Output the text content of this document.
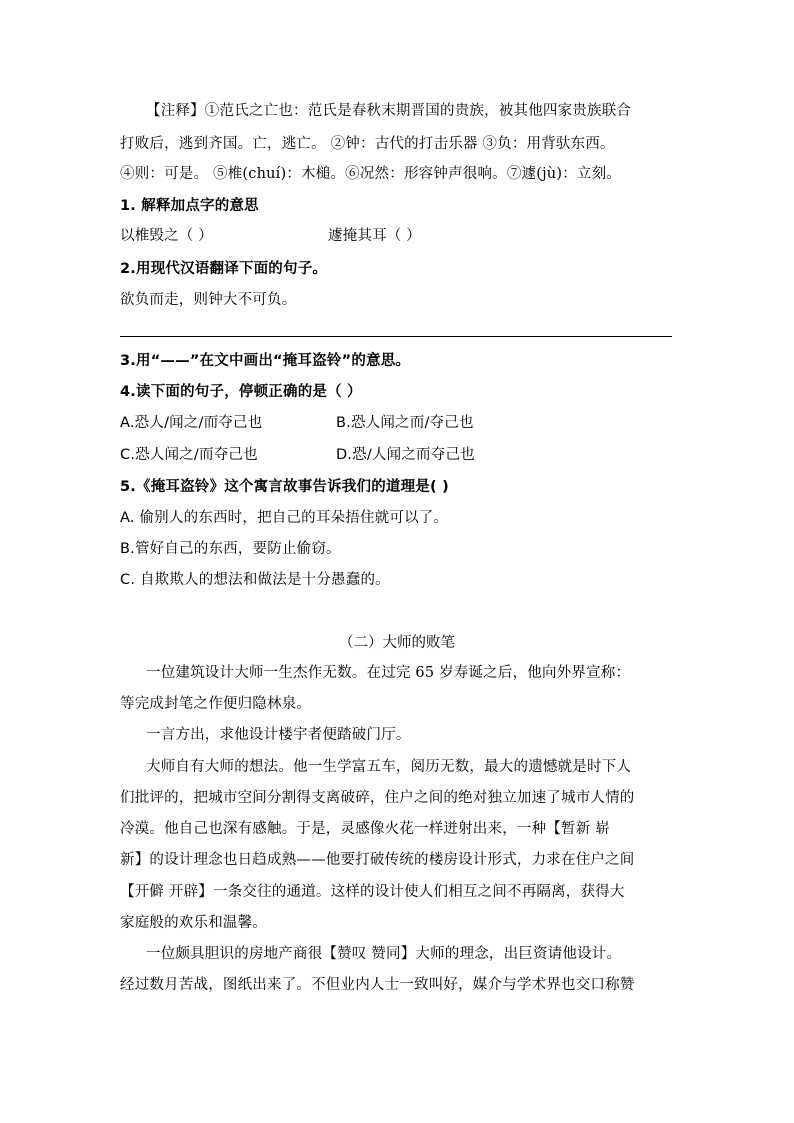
【注释】①范氏之亡也：范氏是春秋末期晋国的贵族，被其他四家贵族联合
打败后，逃到齐国。亡，逃亡。 ②钟：古代的打击乐器 ③负：用背驮东西。
④则：可是。 ⑤椎(chuí)：木槌。⑥况然：形容钟声很响。⑦遽(jù)：立刻。
1. 解释加点字的意思
以椎毁之（ ）	遽掩其耳（ ）
2.用现代汉语翻译下面的句子。
欲负而走，则钟大不可负。
3.用“——”在文中画出“掩耳盗铃”的意思。
4.读下面的句子，停顿正确的是（ ）
A.恐人/闻之/而夺己也	B.恐人闻之而/夺己也
C.恐人闻之/而夺己也	D.恐/人闻之而夺己也
5.《掩耳盗铃》这个寓言故事告诉我们的道理是( )
A. 偷别人的东西时，把自己的耳朵捂住就可以了。
B.管好自己的东西，要防止偷窃。
C. 自欺欺人的想法和做法是十分愚蠢的。
（二）大师的败笔
一位建筑设计大师一生杰作无数。在过完 65 岁寿诞之后，他向外界宣称：
等完成封笔之作便归隐林泉。
一言方出，求他设计楼宇者便踏破门厅。
大师自有大师的想法。他一生学富五车，阅历无数，最大的遗憾就是时下人
们批评的，把城市空间分割得支离破碎，住户之间的绝对独立加速了城市人情的
冷漠。他自己也深有感触。于是，灵感像火花一样迸射出来，一种【暂新 崭
新】的设计理念也日趋成熟——他要打破传统的楼房设计形式，力求在住户之间
【开僻 开辟】一条交往的通道。这样的设计使人们相互之间不再隔离，获得大
家庭般的欢乐和温馨。
一位颇具胆识的房地产商很【赞叹 赞同】大师的理念，出巨资请他设计。
经过数月苦战，图纸出来了。不但业内人士一致叫好，媒介与学术界也交口称赞
